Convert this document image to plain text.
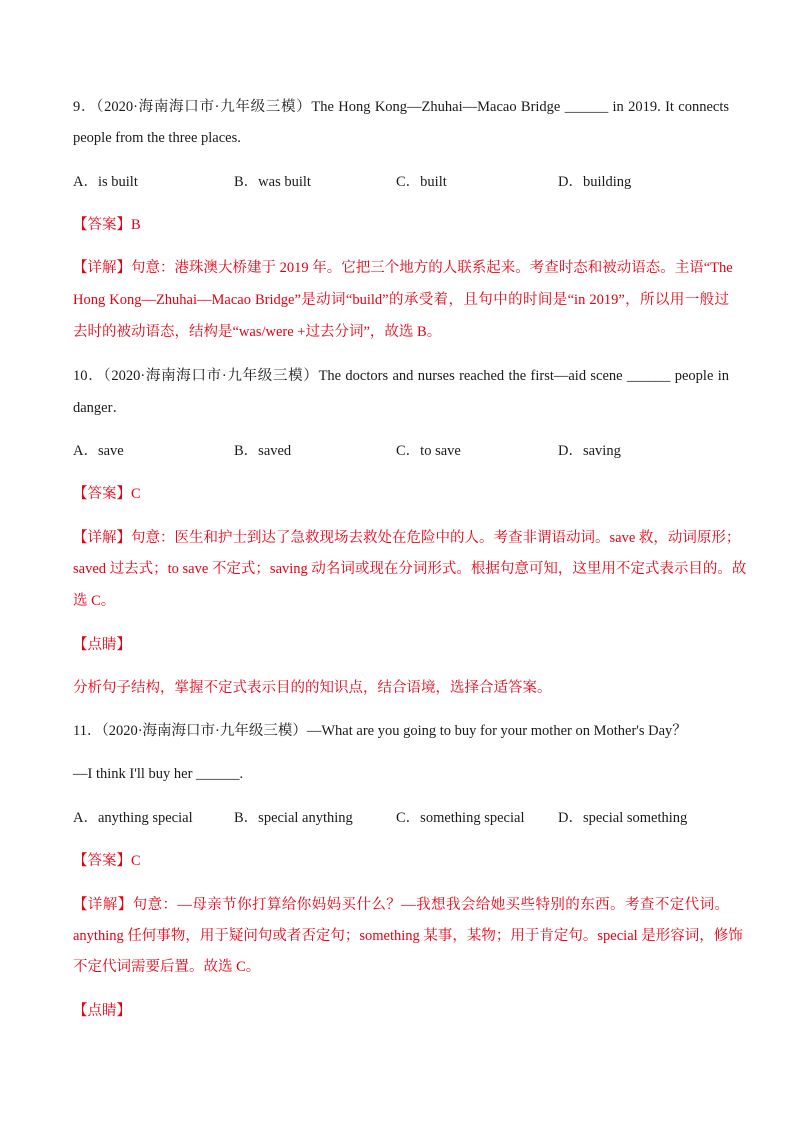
9．（2020·海南海口市·九年级三模）The Hong Kong—Zhuhai—Macao Bridge ______ in 2019. It connects
people from the three places.
A．is built	B．was built	C．built	D．building
【答案】B
【详解】句意：港珠澳大桥建于 2019 年。它把三个地方的人联系起来。考查时态和被动语态。主语“The
Hong Kong—Zhuhai—Macao Bridge”是动词“build”的承受着，且句中的时间是“in 2019”，所以用一般过
去时的被动语态，结构是“was/were +过去分词”，故选 B。
10．（2020·海南海口市·九年级三模）The doctors and nurses reached the first—aid scene ______ people in
danger．
A．save	B．saved	C．to save	D．saving
【答案】C
【详解】句意：医生和护士到达了急救现场去救处在危险中的人。考查非谓语动词。save 救，动词原形；
saved 过去式；to save 不定式；saving 动名词或现在分词形式。根据句意可知，这里用不定式表示目的。故
选 C。
【点睛】
分析句子结构，掌握不定式表示目的的知识点，结合语境，选择合适答案。
11．（2020·海南海口市·九年级三模）—What are you going to buy for your mother on Mother's Day？
—I think I'll buy her ______.
A．anything special	B．special anything	C．something special D．special something
【答案】C
【详解】句意：—母亲节你打算给你妈妈买什么？—我想我会给她买些特别的东西。考查不定代词。
anything 任何事物，用于疑问句或者否定句；something 某事，某物；用于肯定句。special 是形容词，修饰
不定代词需要后置。故选 C。
【点睛】
